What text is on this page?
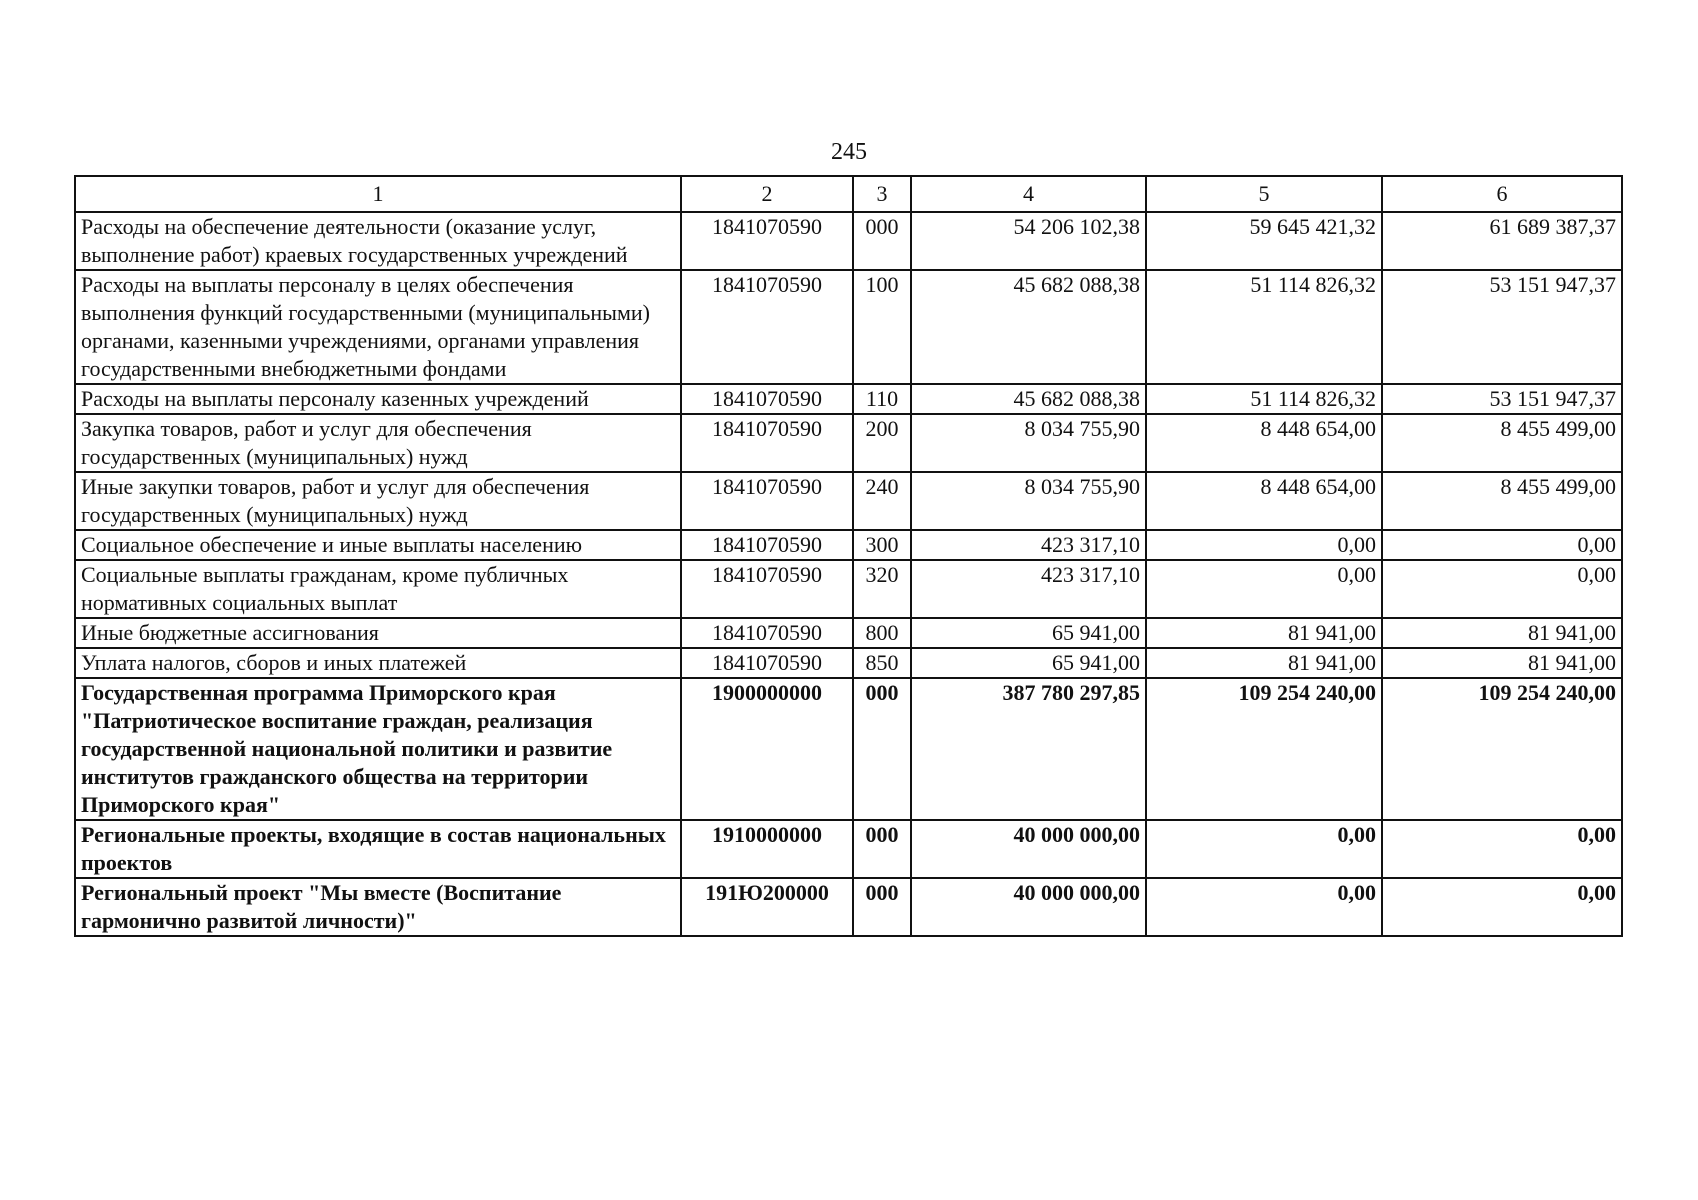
245
1	2	3	4	5	6
Расходы на обеспечение деятельности (оказание услуг, выполнение работ) краевых государственных учреждений	1841070590	000	54 206 102,38	59 645 421,32	61 689 387,37
Расходы на выплаты персоналу в целях обеспечения выполнения функций государственными (муниципальными) органами, казенными учреждениями, органами управления государственными внебюджетными фондами	1841070590	100	45 682 088,38	51 114 826,32	53 151 947,37
Расходы на выплаты персоналу казенных учреждений	1841070590	110	45 682 088,38	51 114 826,32	53 151 947,37
Закупка товаров, работ и услуг для обеспечения государственных (муниципальных) нужд	1841070590	200	8 034 755,90	8 448 654,00	8 455 499,00
Иные закупки товаров, работ и услуг для обеспечения государственных (муниципальных) нужд	1841070590	240	8 034 755,90	8 448 654,00	8 455 499,00
Социальное обеспечение и иные выплаты населению	1841070590	300	423 317,10	0,00	0,00
Социальные выплаты гражданам, кроме публичных нормативных социальных выплат	1841070590	320	423 317,10	0,00	0,00
Иные бюджетные ассигнования	1841070590	800	65 941,00	81 941,00	81 941,00
Уплата налогов, сборов и иных платежей	1841070590	850	65 941,00	81 941,00	81 941,00
Государственная программа Приморского края "Патриотическое воспитание граждан, реализация государственной национальной политики и развитие институтов гражданского общества на территории Приморского края"	1900000000	000	387 780 297,85	109 254 240,00	109 254 240,00
Региональные проекты, входящие в состав национальных проектов	1910000000	000	40 000 000,00	0,00	0,00
Региональный проект "Мы вместе (Воспитание гармонично развитой личности)"	191Ю200000	000	40 000 000,00	0,00	0,00
